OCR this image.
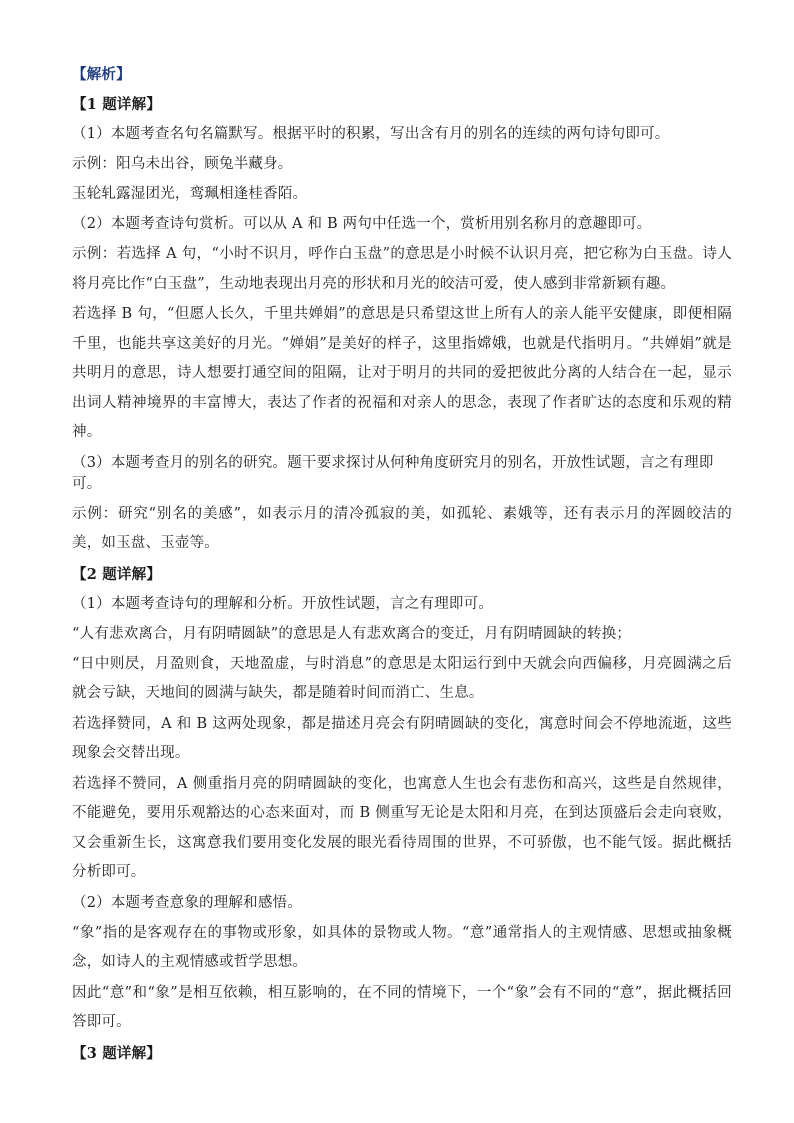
【解析】
【1 题详解】
（1）本题考查名句名篇默写。根据平时的积累，写出含有月的别名的连续的两句诗句即可。
示例：阳乌未出谷，顾兔半藏身。
玉轮轧露湿团光，鸾珮相逢桂香陌。
（2）本题考查诗句赏析。可以从 A 和 B 两句中任选一个，赏析用别名称月的意趣即可。
示例：若选择 A 句，“小时不识月，呼作白玉盘”的意思是小时候不认识月亮，把它称为白玉盘。诗人将月亮比作“白玉盘”，生动地表现出月亮的形状和月光的皎洁可爱，使人感到非常新颖有趣。
若选择 B 句，“但愿人长久，千里共婵娟”的意思是只希望这世上所有人的亲人能平安健康，即便相隔千里，也能共享这美好的月光。“婵娟”是美好的样子，这里指嫦娥，也就是代指明月。“共婵娟”就是共明月的意思，诗人想要打通空间的阻隔，让对于明月的共同的爱把彼此分离的人结合在一起，显示出词人精神境界的丰富博大，表达了作者的祝福和对亲人的思念，表现了作者旷达的态度和乐观的精神。
（3）本题考查月的别名的研究。题干要求探讨从何种角度研究月的别名，开放性试题，言之有理即可。
示例：研究“别名的美感”，如表示月的清冷孤寂的美，如孤轮、素娥等，还有表示月的浑圆皎洁的美，如玉盘、玉壶等。
【2 题详解】
（1）本题考查诗句的理解和分析。开放性试题，言之有理即可。
“人有悲欢离合，月有阴晴圆缺”的意思是人有悲欢离合的变迁，月有阴晴圆缺的转换；
“日中则昃，月盈则食，天地盈虚，与时消息”的意思是太阳运行到中天就会向西偏移，月亮圆满之后就会亏缺，天地间的圆满与缺失，都是随着时间而消亡、生息。
若选择赞同，A 和 B 这两处现象，都是描述月亮会有阴晴圆缺的变化，寓意时间会不停地流逝，这些现象会交替出现。
若选择不赞同，A 侧重指月亮的阴晴圆缺的变化，也寓意人生也会有悲伤和高兴，这些是自然规律，不能避免，要用乐观豁达的心态来面对，而 B 侧重写无论是太阳和月亮，在到达顶盛后会走向衰败，又会重新生长，这寓意我们要用变化发展的眼光看待周围的世界，不可骄傲，也不能气馁。据此概括分析即可。
（2）本题考查意象的理解和感悟。
“象”指的是客观存在的事物或形象，如具体的景物或人物。“意”通常指人的主观情感、思想或抽象概念，如诗人的主观情感或哲学思想。
因此“意”和“象”是相互依赖，相互影响的，在不同的情境下，一个“象”会有不同的“意”，据此概括回答即可。
【3 题详解】
